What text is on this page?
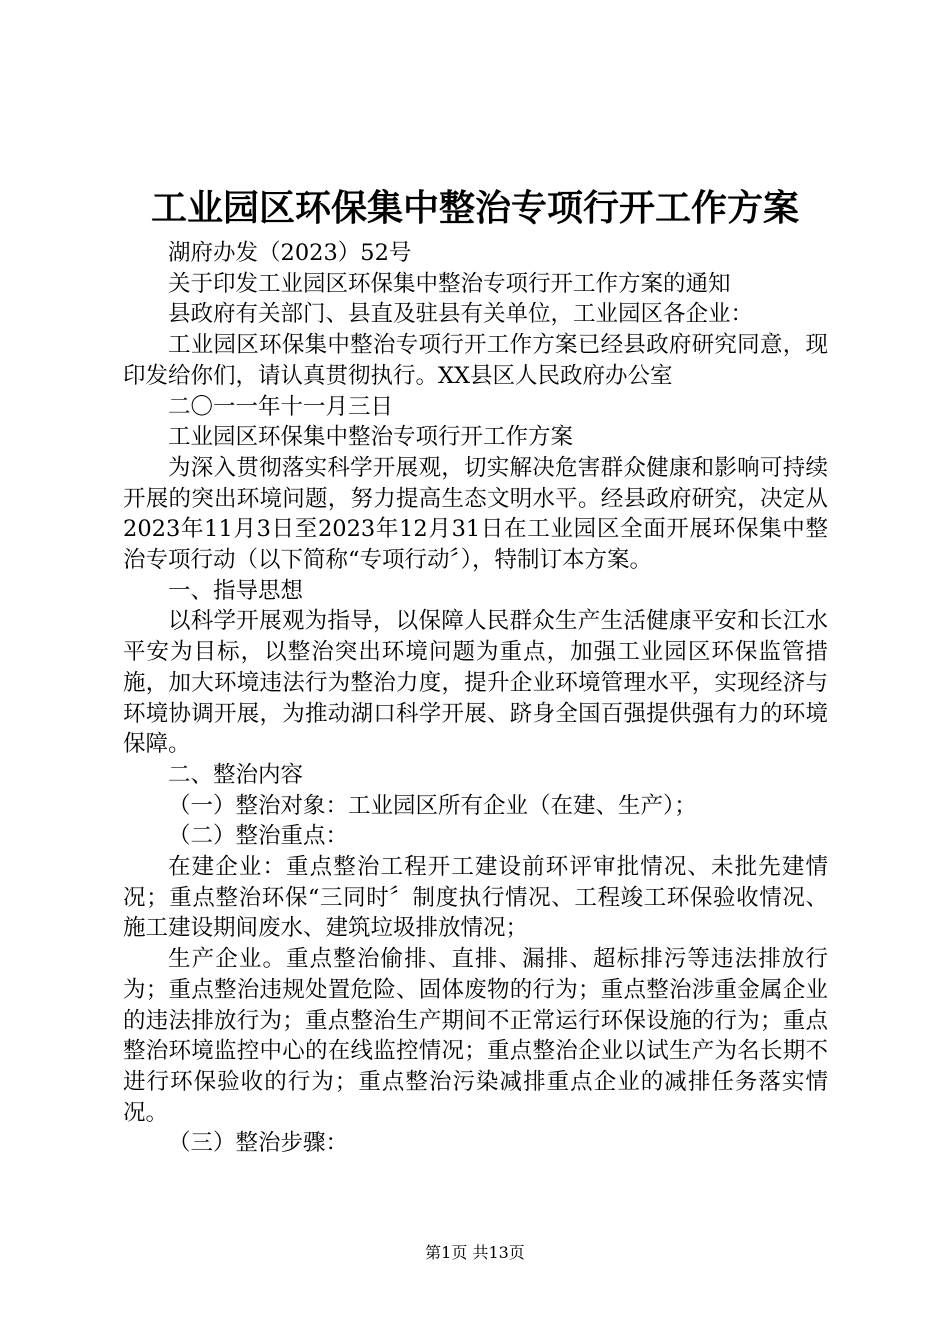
工业园区环保集中整治专项行开工作方案

湖府办发（2023）52号

关于印发工业园区环保集中整治专项行开工作方案的通知

县政府有关部门、县直及驻县有关单位，工业园区各企业：

工业园区环保集中整治专项行开工作方案已经县政府研究同意，现印发给你们，请认真贯彻执行。XX县区人民政府办公室

二〇一一年十一月三日

工业园区环保集中整治专项行开工作方案

为深入贯彻落实科学开展观，切实解决危害群众健康和影响可持续开展的突出环境问题，努力提高生态文明水平。经县政府研究，决定从2023年11月3日至2023年12月31日在工业园区全面开展环保集中整治专项行动（以下简称“专项行动〞），特制订本方案。

一、指导思想

以科学开展观为指导，以保障人民群众生产生活健康平安和长江水平安为目标，以整治突出环境问题为重点，加强工业园区环保监管措施，加大环境违法行为整治力度，提升企业环境管理水平，实现经济与环境协调开展，为推动湖口科学开展、跻身全国百强提供强有力的环境保障。

二、整治内容

（一）整治对象：工业园区所有企业（在建、生产）；

（二）整治重点：

在建企业：重点整治工程开工建设前环评审批情况、未批先建情况；重点整治环保“三同时〞制度执行情况、工程竣工环保验收情况、施工建设期间废水、建筑垃圾排放情况；

生产企业。重点整治偷排、直排、漏排、超标排污等违法排放行为；重点整治违规处置危险、固体废物的行为；重点整治涉重金属企业的违法排放行为；重点整治生产期间不正常运行环保设施的行为；重点整治环境监控中心的在线监控情况；重点整治企业以试生产为名长期不进行环保验收的行为；重点整治污染减排重点企业的减排任务落实情况。

（三）整治步骤：

第1页 共13页
